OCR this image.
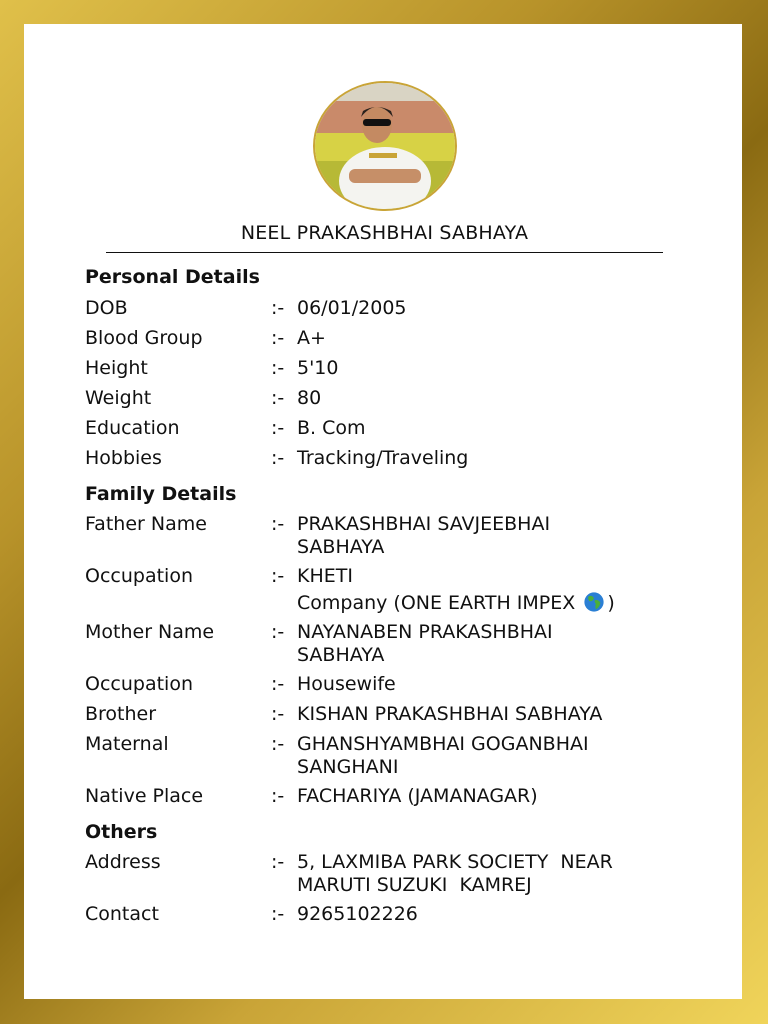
NEEL PRAKASHBHAI SABHAYA
Personal Details
DOB	:- 06/01/2005
Blood Group	:- A+
Height	:- 5'10
Weight	:- 80
Education	:- B. Com
Hobbies	:- Tracking/Traveling
Family Details
Father Name	:- PRAKASHBHAI SAVJEEBHAI
SABHAYA
Occupation	:- KHETI
Company (ONE EARTH IMPEX )
Mother Name	:- NAYANABEN PRAKASHBHAI
SABHAYA
Occupation	:- Housewife
Brother	:- KISHAN PRAKASHBHAI SABHAYA
Maternal	:- GHANSHYAMBHAI GOGANBHAI
SANGHANI
Native Place	:- FACHARIYA (JAMANAGAR)
Others
Address	:- 5, LAXMIBA PARK SOCIETY  NEAR
MARUTI SUZUKI  KAMREJ
Contact	:- 9265102226
